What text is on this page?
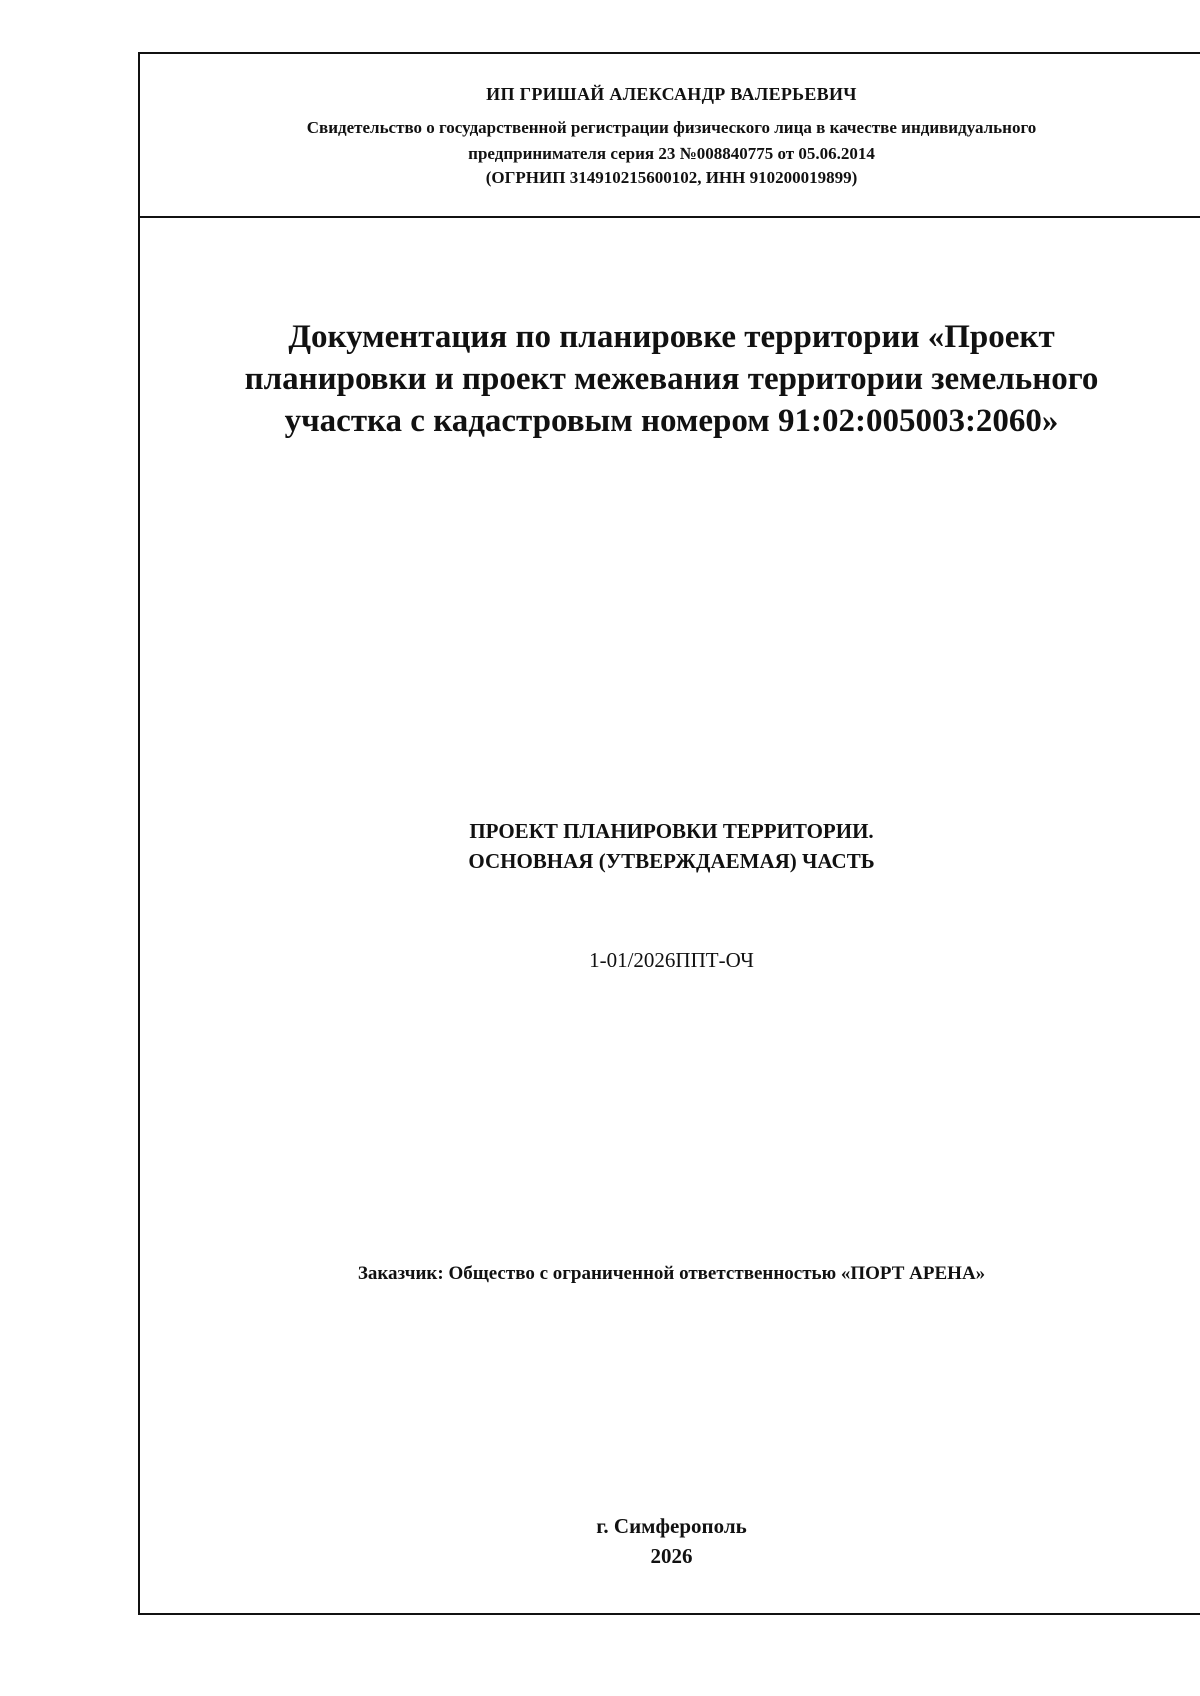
ИП ГРИШАЙ АЛЕКСАНДР ВАЛЕРЬЕВИЧ
Свидетельство о государственной регистрации физического лица в качестве индивидуального
предпринимателя серия 23 №008840775 от 05.06.2014
(ОГРНИП 314910215600102, ИНН 910200019899)
Документация по планировке территории «Проект
планировки и проект межевания территории земельного
участка с кадастровым номером 91:02:005003:2060»
ПРОЕКТ ПЛАНИРОВКИ ТЕРРИТОРИИ.
ОСНОВНАЯ (УТВЕРЖДАЕМАЯ) ЧАСТЬ
1-01/2026ППТ-ОЧ
Заказчик: Общество с ограниченной ответственностью «ПОРТ АРЕНА»
г. Симферополь
2026
